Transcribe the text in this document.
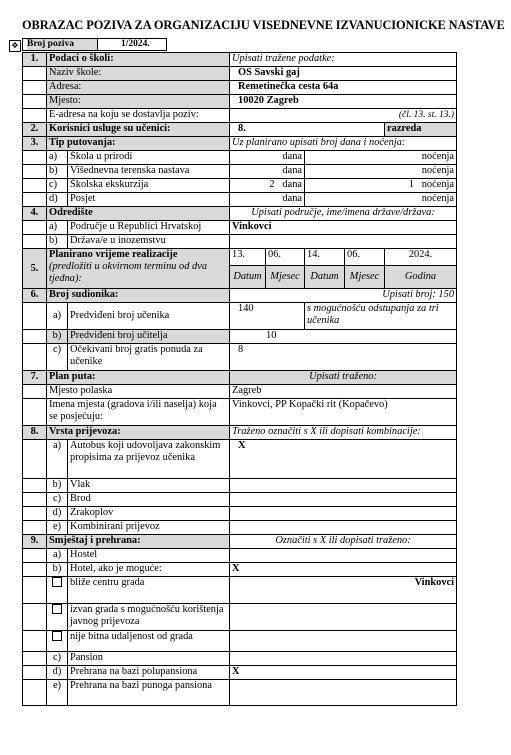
OBRAZAC POZIVA ZA ORGANIZACIJU VISEDNEVNE IZVANUCIONICKE NASTAVE
✥ Broj poziva	1/2024.
1.	Podaci o školi:		Upisati tražene podatke:				
	Naziv škole:		OS Savski gaj				
	Adresa:		Remetinečka cesta 64a				
	Mjesto:		10020 Zagreb				
	E-adresa na koju se dostavlja poziv:		(čl. 13. st. 13.)				
2.	Korisnici usluge su učenici:		8.				razreda
3.	Tip putovanja:		Uz planirano upisati broj dana i noćenja:				
	a)	Škola u prirodi	dana		noćenja		
	b)	Višednevna terenska nastava	dana		noćenja		
	c)	Školska ekskurzija	2 dana		1 noćenja		
	d)	Posjet	dana		noćenja		
4.	Odredište		Upisati područje, ime/imena države/država:				
	a)	Područje u Republici Hrvatskoj	Vinkovci				
	b)	Država/e u inozemstvu					
5.	Planirano vrijeme realizacije
(predložiti u okvirnom terminu od dva tjedna):		13.	06.	14.	06.	2024.
			Datum	Mjesec	Datum	Mjesec	Godina
6.	Broj sudionika:		Upisati broj: 150				
	a)	Predviđeni broj učenika	140		s mogućnošću odstupanja za tri učenika		
	b)	Predviđeni broj učitelja	10				
	c)	Očekivani broj gratis ponuda za učenike	8				
7.	Plan puta:		Upisati traženo:				
	Mjesto polaska		Zagreb				
	Imena mjesta (gradova i/ili naselja) koja se posjećuju:		Vinkovci, PP Kopački rit (Kopačevo)				
8.	Vrsta prijevoza:		Traženo označiti s X ili dopisati kombinacije:				
	a)	Autobus koji udovoljava zakonskim propisima za prijevoz učenika	X				
	b)	Vlak					
	c)	Brod					
	d)	Zrakoplov					
	e)	Kombinirani prijevoz					
9.	Smještaj i prehrana:		Označiti s X ili dopisati traženo:				
	a)	Hostel					
	b)	Hotel, ako je moguće:	X				
		bliže centru grada	Vinkovci				
		izvan grada s mogućnošću korištenja javnog prijevoza					
		nije bitna udaljenost od grada					
	c)	Pansion					
	d)	Prehrana na bazi polupansiona	X				
	e)	Prehrana na bazi punoga pansiona					
